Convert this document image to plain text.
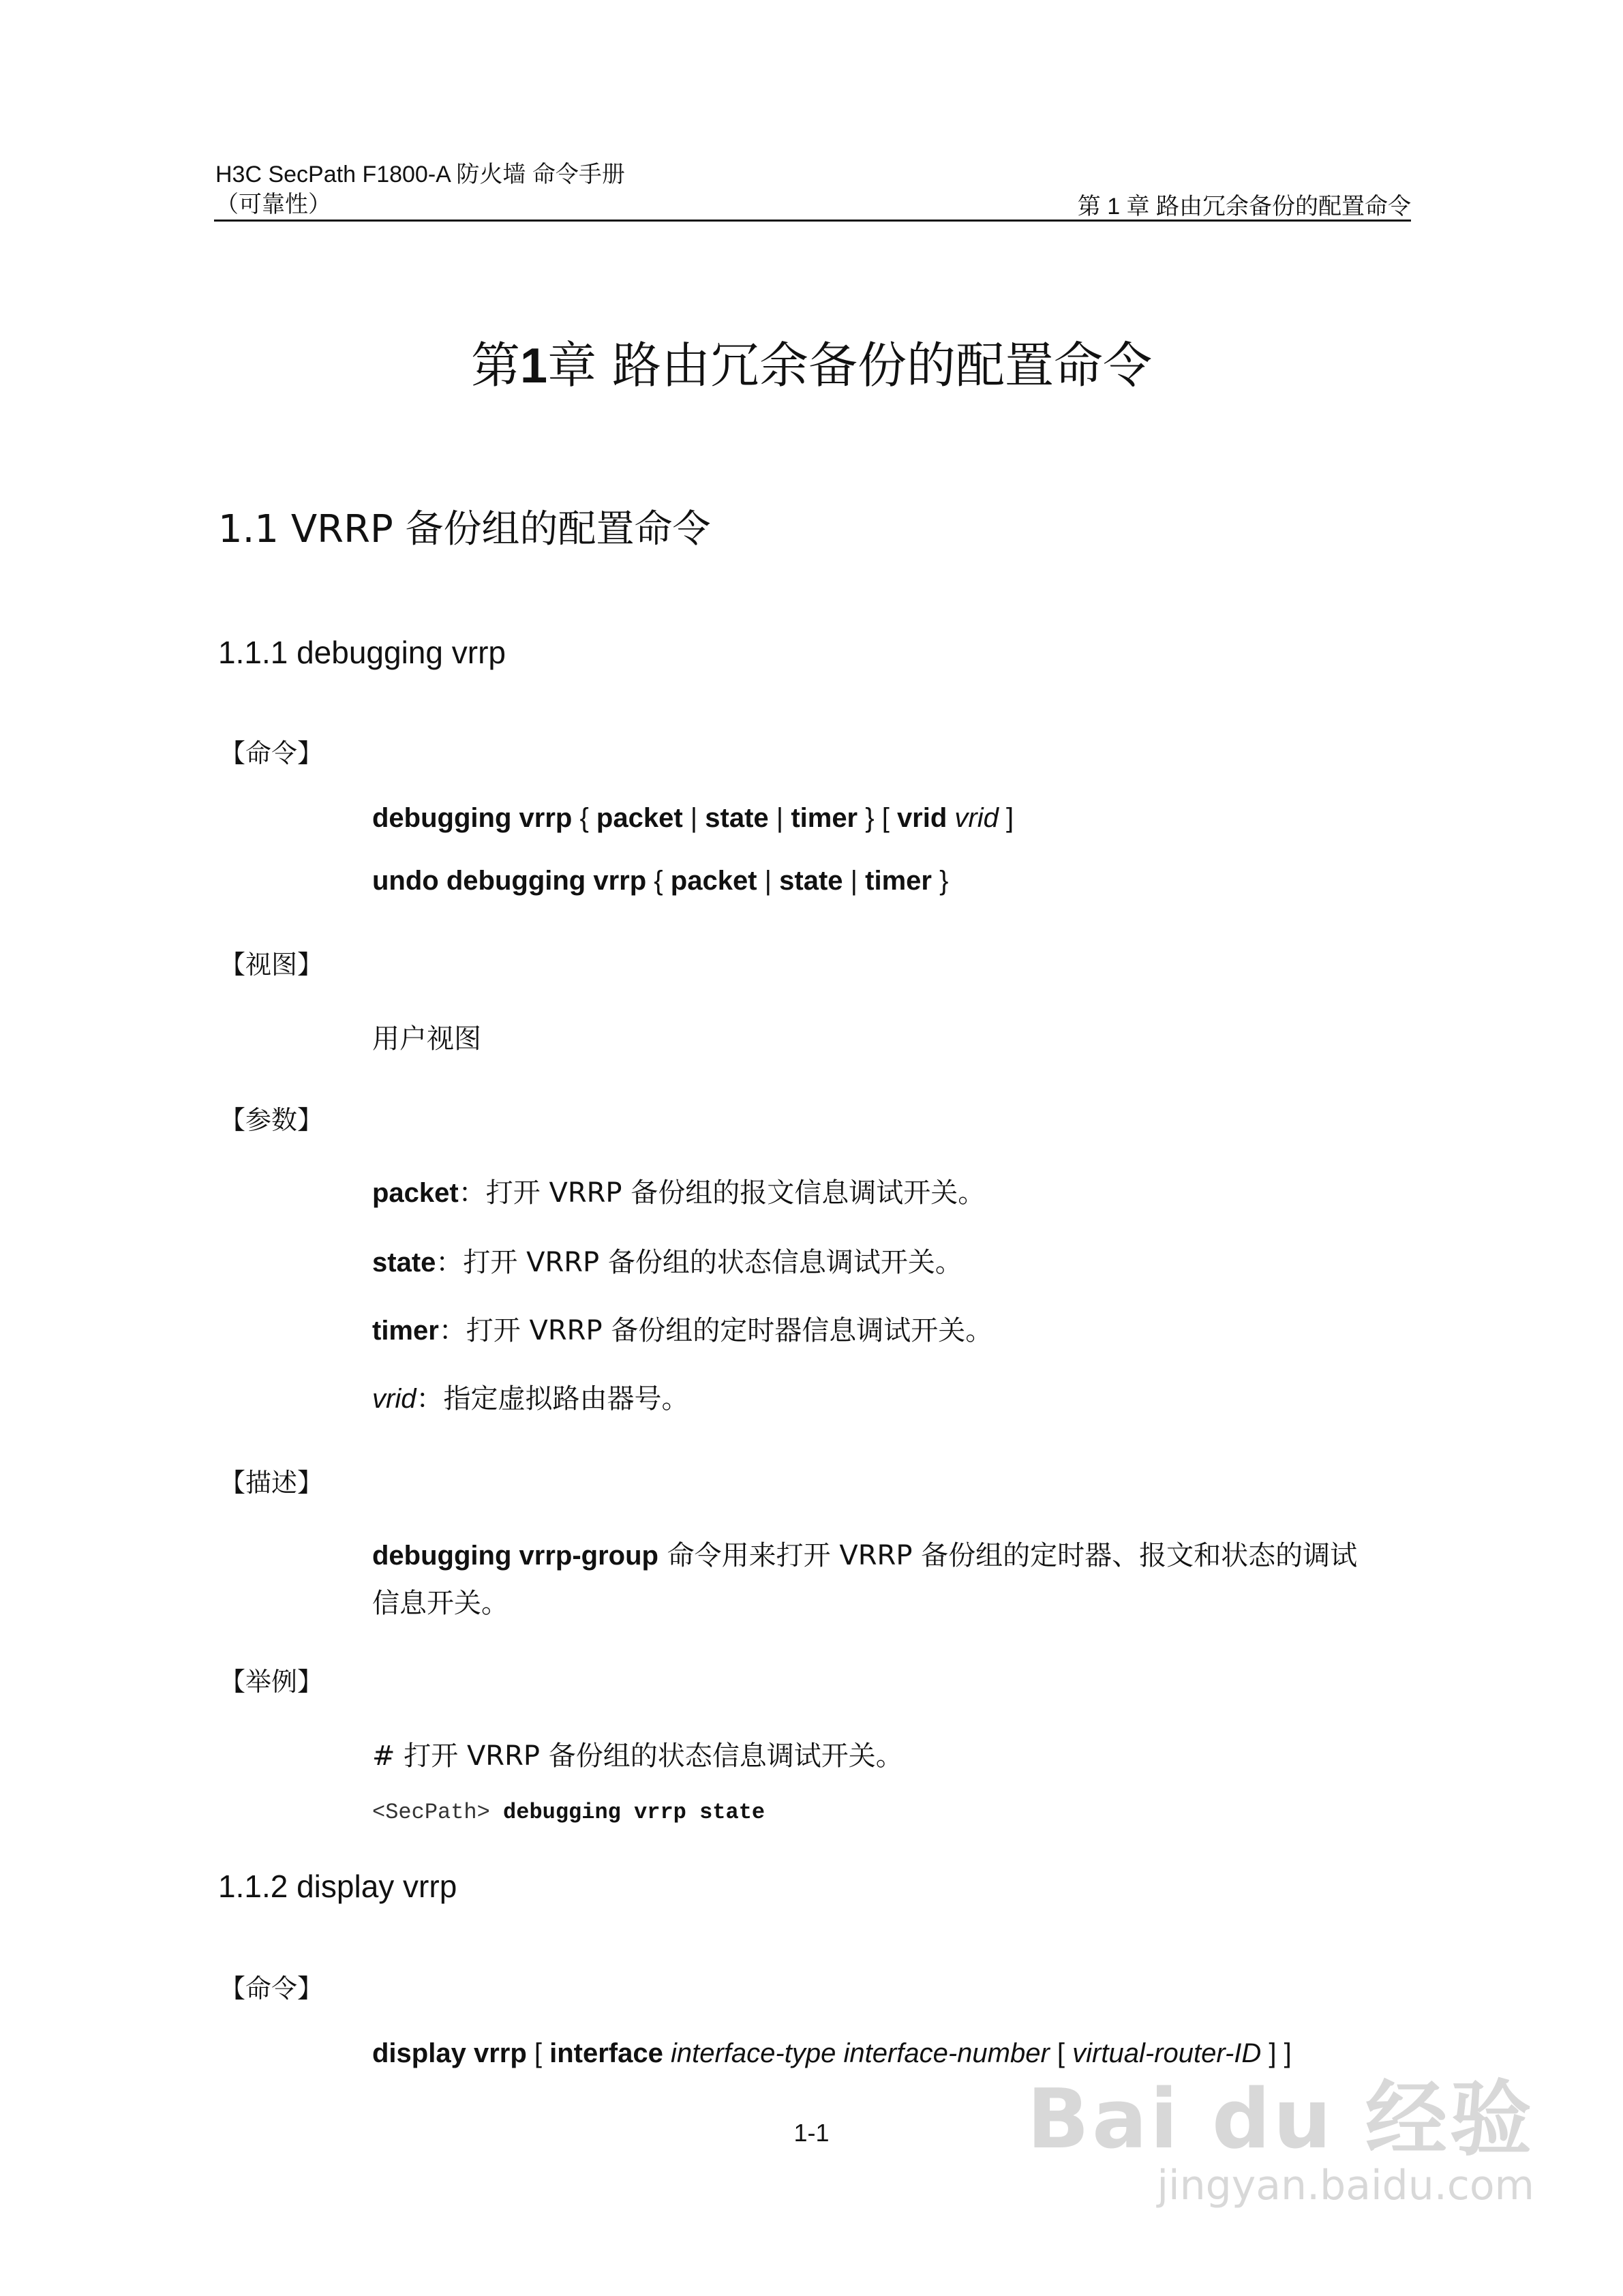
H3C SecPath F1800-A 防火墙 命令手册
（可靠性）	第 1 章 路由冗余备份的配置命令
第1章 路由冗余备份的配置命令
1.1 VRRP 备份组的配置命令
1.1.1 debugging vrrp
【命令】
debugging vrrp { packet | state | timer } [ vrid vrid ]
undo debugging vrrp { packet | state | timer }
【视图】
用户视图
【参数】
packet：打开 VRRP 备份组的报文信息调试开关。
state：打开 VRRP 备份组的状态信息调试开关。
timer：打开 VRRP 备份组的定时器信息调试开关。
vrid：指定虚拟路由器号。
【描述】
debugging vrrp-group 命令用来打开 VRRP 备份组的定时器、报文和状态的调试
信息开关。
【举例】
# 打开 VRRP 备份组的状态信息调试开关。
<SecPath> debugging vrrp state
1.1.2 display vrrp
【命令】
display vrrp [ interface interface-type interface-number [ virtual-router-ID ] ]
1-1	Bai du 经验
jingyan.baidu.com
